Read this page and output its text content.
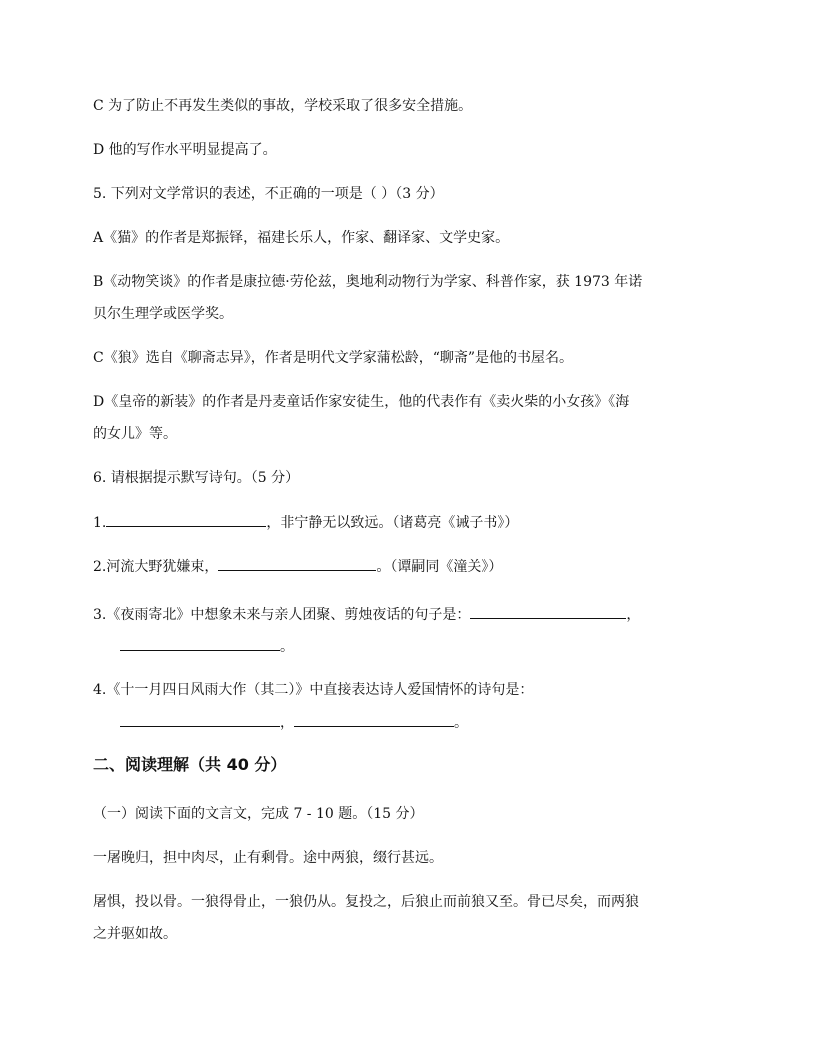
C 为了防止不再发生类似的事故，学校采取了很多安全措施。
D 他的写作水平明显提高了。
5. 下列对文学常识的表述，不正确的一项是（ ）（3 分）
A《猫》的作者是郑振铎，福建长乐人，作家、翻译家、文学史家。
B《动物笑谈》的作者是康拉德·劳伦兹，奥地利动物行为学家、科普作家，获 1973 年诺
贝尔生理学或医学奖。
C《狼》选自《聊斋志异》，作者是明代文学家蒲松龄，“聊斋”是他的书屋名。
D《皇帝的新装》的作者是丹麦童话作家安徒生，他的代表作有《卖火柴的小女孩》《海
的女儿》等。
6. 请根据提示默写诗句。（5 分）
1.	，非宁静无以致远。（诸葛亮《诫子书》）
2.河流大野犹嫌束，	。（谭嗣同《潼关》）
3.《夜雨寄北》中想象未来与亲人团聚、剪烛夜话的句子是：	，
。
4.《十一月四日风雨大作（其二）》中直接表达诗人爱国情怀的诗句是：
，	。
二、阅读理解（共 40 分）
（一）阅读下面的文言文，完成 7 - 10 题。（15 分）
一屠晚归，担中肉尽，止有剩骨。途中两狼，缀行甚远。
屠惧，投以骨。一狼得骨止，一狼仍从。复投之，后狼止而前狼又至。骨已尽矣，而两狼
之并驱如故。
